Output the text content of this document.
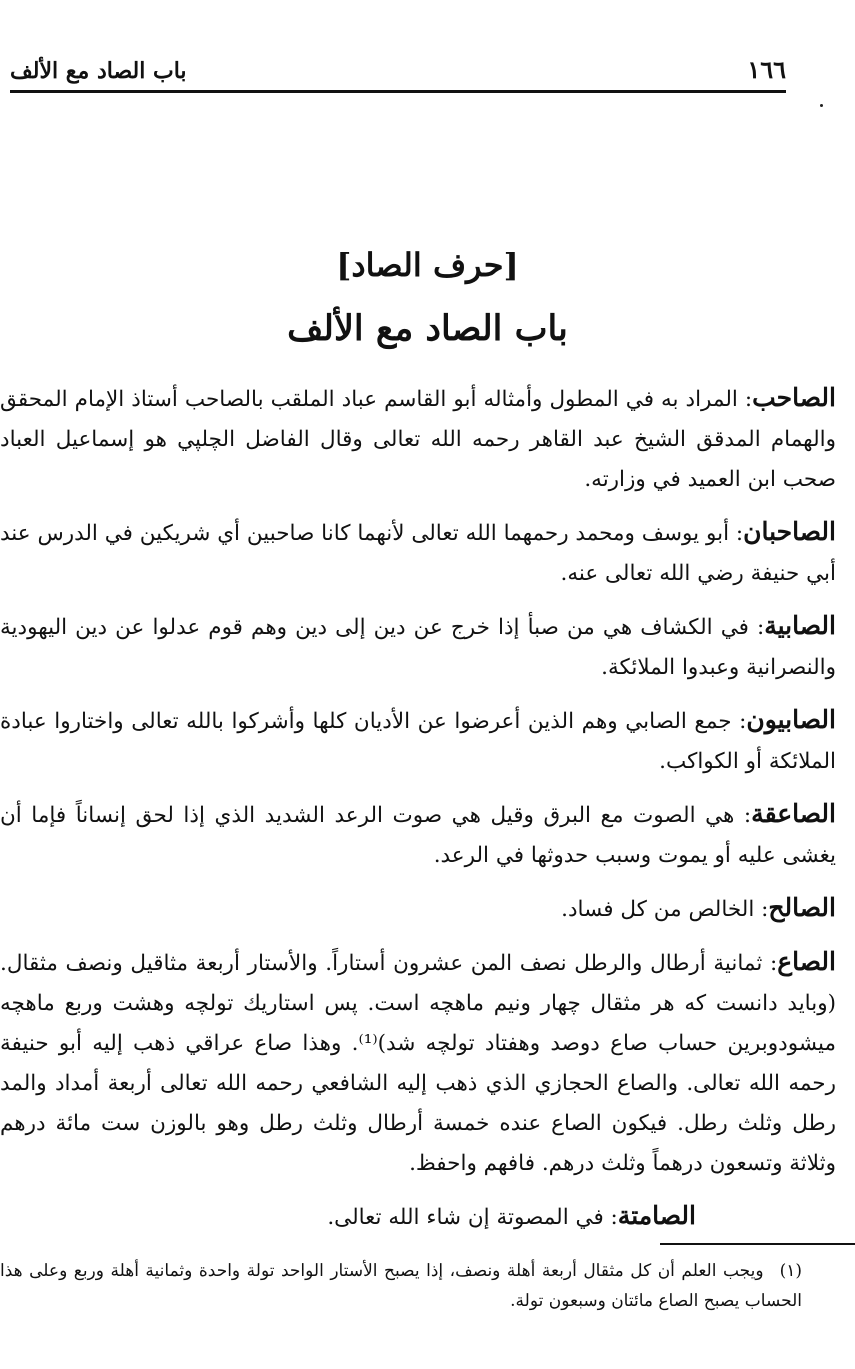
باب الصاد مع الألف	١٦٦
[حرف الصاد]
باب الصاد مع الألف

الصاحب: المراد به في المطول وأمثاله أبو القاسم عباد الملقب بالصاحب أستاذ الإمام المحقق والهمام المدقق الشيخ عبد القاهر رحمه الله تعالى وقال الفاضل الچلپي هو إسماعيل العباد صحب ابن العميد في وزارته.

الصاحبان: أبو يوسف ومحمد رحمهما الله تعالى لأنهما كانا صاحبين أي شريكين في الدرس عند أبي حنيفة رضي الله تعالى عنه.

الصابية: في الكشاف هي من صبأ إذا خرج عن دين إلى دين وهم قوم عدلوا عن دين اليهودية والنصرانية وعبدوا الملائكة.

الصابيون: جمع الصابي وهم الذين أعرضوا عن الأديان كلها وأشركوا بالله تعالى واختاروا عبادة الملائكة أو الكواكب.

الصاعقة: هي الصوت مع البرق وقيل هي صوت الرعد الشديد الذي إذا لحق إنساناً فإما أن يغشى عليه أو يموت وسبب حدوثها في الرعد.

الصالح: الخالص من كل فساد.

الصاع: ثمانية أرطال والرطل نصف المن عشرون أستاراً. والأستار أربعة مثاقيل ونصف مثقال. (وبايد دانست كه هر مثقال چهار ونيم ماهچه است. پس استاريك تولچه وهشت وربع ماهچه ميشودوبرين حساب صاع دوصد وهفتاد تولچه شد)⁽¹⁾. وهذا صاع عراقي ذهب إليه أبو حنيفة رحمه الله تعالى. والصاع الحجازي الذي ذهب إليه الشافعي رحمه الله تعالى أربعة أمداد والمد رطل وثلث رطل. فيكون الصاع عنده خمسة أرطال وثلث رطل وهو بالوزن ست مائة درهم وثلاثة وتسعون درهماً وثلث درهم. فافهم واحفظ.

الصامتة: في المصوتة إن شاء الله تعالى.

(١)ويجب العلم أن كل مثقال أربعة أهلة ونصف، إذا يصبح الأستار الواحد تولة واحدة وثمانية أهلة وربع وعلى هذا الحساب يصبح الصاع مائتان وسبعون تولة.
